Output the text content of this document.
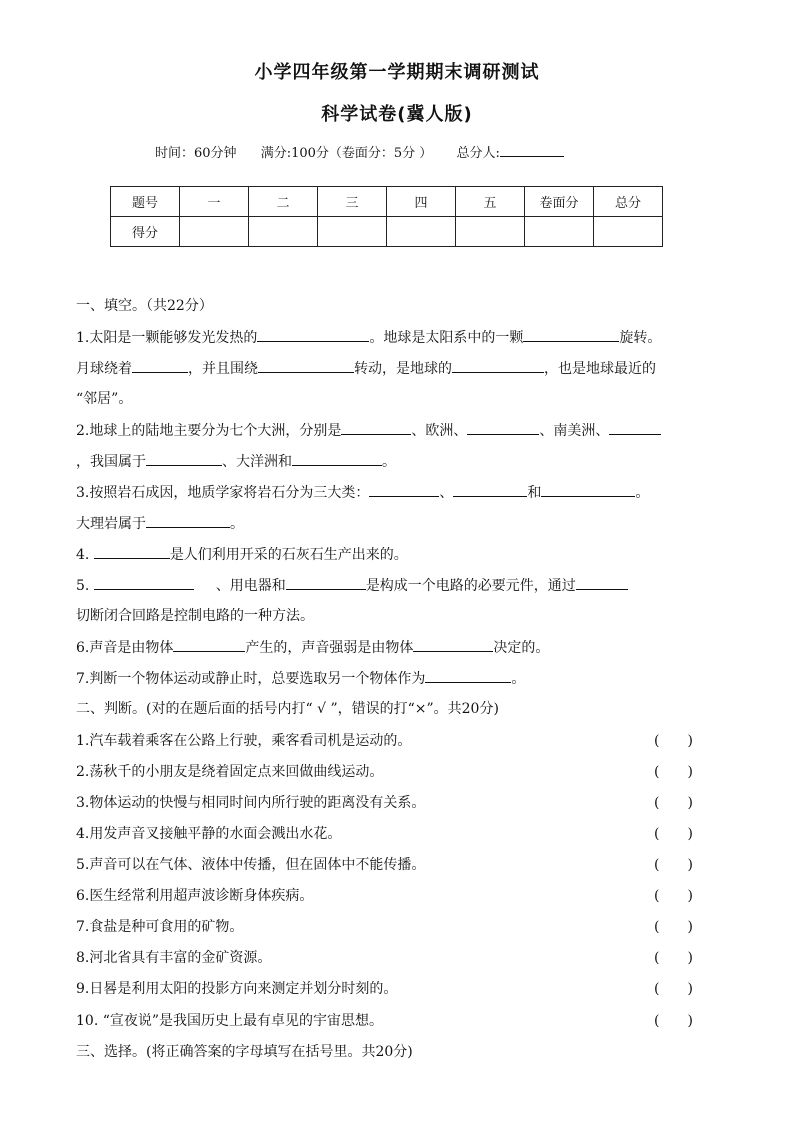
小学四年级第一学期期末调研测试
科学试卷(冀人版)
时间：60分钟 满分:100分（卷面分：5分 ） 总分人:
题号	一	二	三	四	五	卷面分	总分
得分							
一、填空。（共22分）
1.太阳是一颗能够发光发热的	。地球是太阳系中的一颗	旋转。
月球绕着	，并且围绕	转动，是地球的	，也是地球最近的
“邻居”。
2.地球上的陆地主要分为七个大洲，分别是	、欧洲、	、南美洲、
，我国属于	、大洋洲和	。
3.按照岩石成因，地质学家将岩石分为三大类：	、	和	。
大理岩属于	。
4.	是人们利用开采的石灰石生产出来的。
5.	、用电器和	是构成一个电路的必要元件，通过
切断闭合回路是控制电路的一种方法。
6.声音是由物体	产生的，声音强弱是由物体	决定的。
7.判断一个物体运动或静止时，总要选取另一个物体作为	。
二、判断。(对的在题后面的括号内打“ √ ”，错误的打“×”。共20分)
1.汽车载着乘客在公路上行驶，乘客看司机是运动的。	(　　)
2.荡秋千的小朋友是绕着固定点来回做曲线运动。	(　　)
3.物体运动的快慢与相同时间内所行驶的距离没有关系。	(　　)
4.用发声音叉接触平静的水面会溅出水花。	(　　)
5.声音可以在气体、液体中传播，但在固体中不能传播。	(　　)
6.医生经常利用超声波诊断身体疾病。	(　　)
7.食盐是种可食用的矿物。	(　　)
8.河北省具有丰富的金矿资源。	(　　)
9.日晷是利用太阳的投影方向来测定并划分时刻的。	(　　)
10. “宣夜说”是我国历史上最有卓见的宇宙思想。	(　　)
三、选择。(将正确答案的字母填写在括号里。共20分)
